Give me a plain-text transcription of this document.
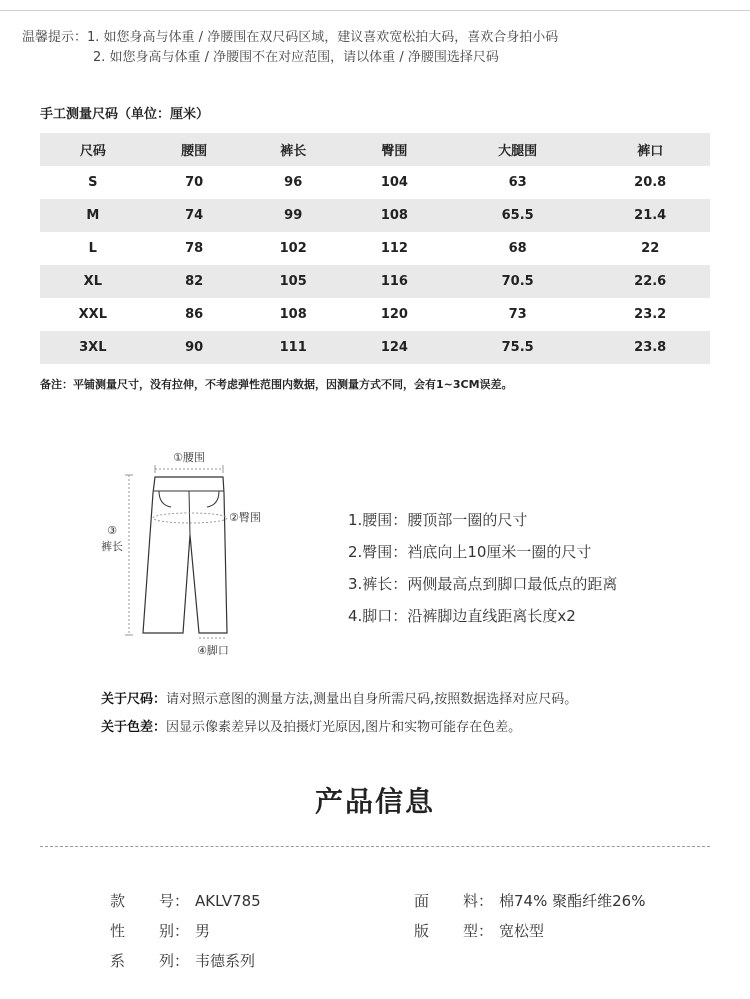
温馨提示：1. 如您身高与体重 / 净腰围在双尺码区域，建议喜欢宽松拍大码，喜欢合身拍小码
2. 如您身高与体重 / 净腰围不在对应范围，请以体重 / 净腰围选择尺码
手工测量尺码（单位：厘米）
尺码	腰围	裤长	臀围	大腿围	裤口
S	70	96	104	63	20.8
M	74	99	108	65.5	21.4
L	78	102	112	68	22
XL	82	105	116	70.5	22.6
XXL	86	108	120	73	23.2
3XL	90	111	124	75.5	23.8
备注：平铺测量尺寸，没有拉伸，不考虑弹性范围内数据，因测量方式不同，会有1~3CM误差。
①腰围
③
裤长
②臀围
④脚口
1.腰围：腰顶部一圈的尺寸
2.臀围：裆底向上10厘米一圈的尺寸
3.裤长：两侧最高点到脚口最低点的距离
4.脚口：沿裤脚边直线距离长度x2
关于尺码：请对照示意图的测量方法,测量出自身所需尺码,按照数据选择对应尺码。
关于色差：因显示像素差异以及拍摄灯光原因,图片和实物可能存在色差。
产品信息
款号： AKLV785	面料： 棉74% 聚酯纤维26%
性别： 男	版型： 宽松型
系列： 韦德系列
